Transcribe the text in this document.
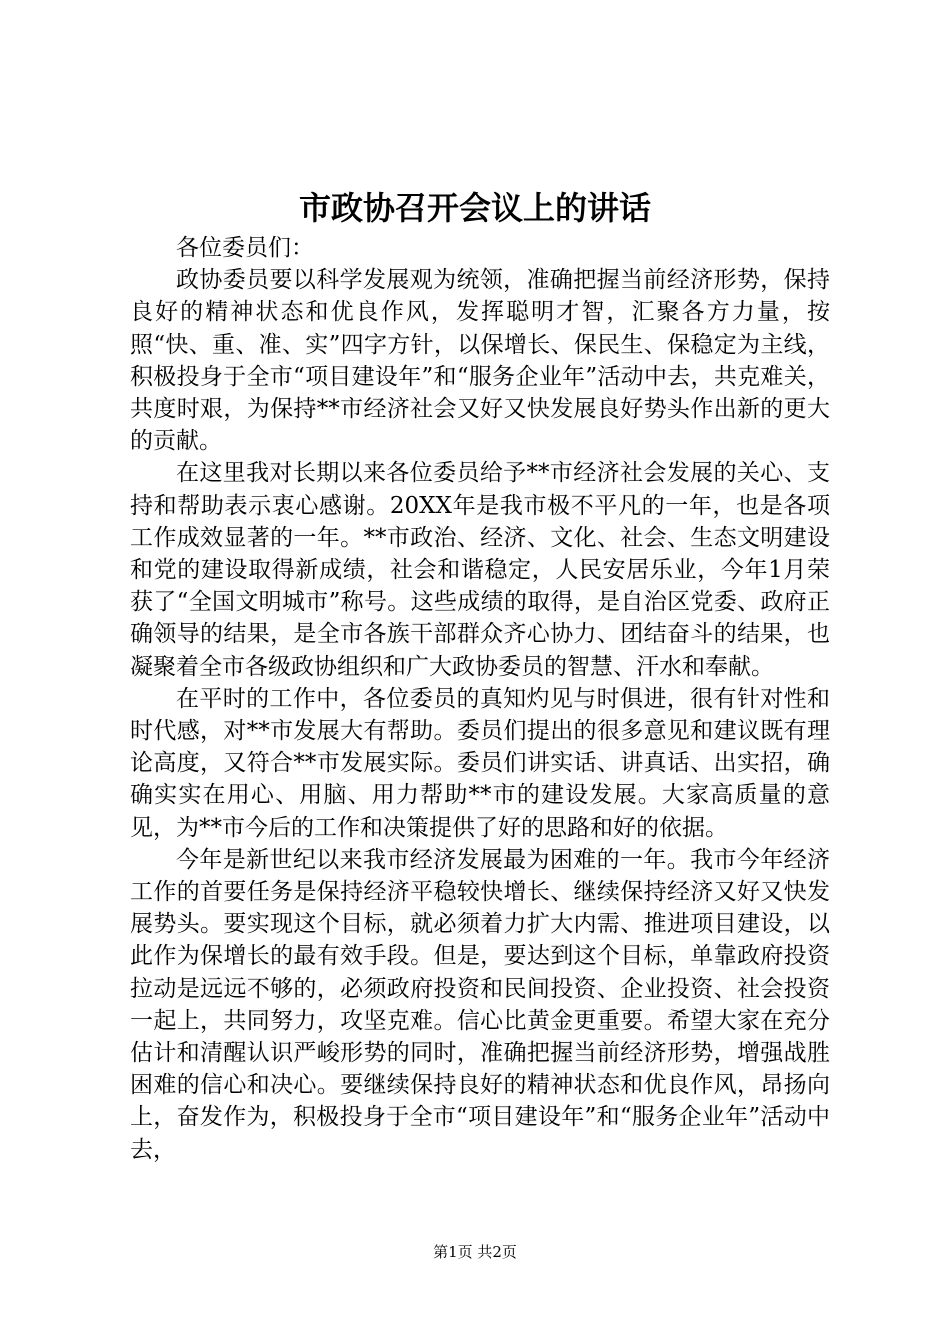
市政协召开会议上的讲话
各位委员们：

政协委员要以科学发展观为统领，准确把握当前经济形势，保持良好的精神状态和优良作风，发挥聪明才智，汇聚各方力量，按照“快、重、准、实”四字方针，以保增长、保民生、保稳定为主线，积极投身于全市“项目建设年”和“服务企业年”活动中去，共克难关，共度时艰，为保持**市经济社会又好又快发展良好势头作出新的更大的贡献。

在这里我对长期以来各位委员给予**市经济社会发展的关心、支持和帮助表示衷心感谢。20XX年是我市极不平凡的一年，也是各项工作成效显著的一年。**市政治、经济、文化、社会、生态文明建设和党的建设取得新成绩，社会和谐稳定，人民安居乐业，今年1月荣获了“全国文明城市”称号。这些成绩的取得，是自治区党委、政府正确领导的结果，是全市各族干部群众齐心协力、团结奋斗的结果，也凝聚着全市各级政协组织和广大政协委员的智慧、汗水和奉献。

在平时的工作中，各位委员的真知灼见与时俱进，很有针对性和时代感，对**市发展大有帮助。委员们提出的很多意见和建议既有理论高度，又符合**市发展实际。委员们讲实话、讲真话、出实招，确确实实在用心、用脑、用力帮助**市的建设发展。大家高质量的意见，为**市今后的工作和决策提供了好的思路和好的依据。

今年是新世纪以来我市经济发展最为困难的一年。我市今年经济工作的首要任务是保持经济平稳较快增长、继续保持经济又好又快发展势头。要实现这个目标，就必须着力扩大内需、推进项目建设，以此作为保增长的最有效手段。但是，要达到这个目标，单靠政府投资拉动是远远不够的，必须政府投资和民间投资、企业投资、社会投资一起上，共同努力，攻坚克难。信心比黄金更重要。希望大家在充分估计和清醒认识严峻形势的同时，准确把握当前经济形势，增强战胜困难的信心和决心。要继续保持良好的精神状态和优良作风，昂扬向上，奋发作为，积极投身于全市“项目建设年”和“服务企业年”活动中去，

第1页 共2页
